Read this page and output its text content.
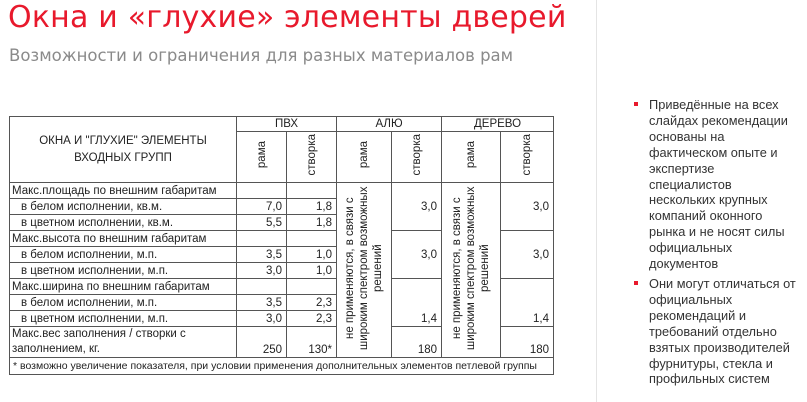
Окна и «глухие» элементы дверей
Возможности и ограничения для разных материалов рам
ОКНА И "ГЛУХИЕ" ЭЛЕМЕНТЫ ВХОДНЫХ ГРУПП	ПВХ		АЛЮ		ДЕРЕВО	
	рама	створка	рама	створка	рама	створка
Макс.площадь по внешним габаритам			не применяются, в связи с широким спектром возможных решений	3,0	не применяются, в связи с широким спектром возможных решений	3,0
в белом исполнении, кв.м.	7,0	1,8				
в цветном исполнении, кв.м.	5,5	1,8				
Макс.высота по внешним габаритам				3,0		3,0
в белом исполнении, м.п.	3,5	1,0				
в цветном исполнении, м.п.	3,0	1,0				
Макс.ширина по внешним габаритам				1,4		1,4
в белом исполнении, м.п.	3,5	2,3				
в цветном исполнении, м.п.	3,0	2,3				
Макс.вес заполнения / створки с заполнением, кг.	250	130*		180		180
* возможно увеличение показателя, при условии применения дополнительных элементов петлевой группы						
Приведённые на всех слайдах рекомендации основаны на фактическом опыте и экспертизе специалистов нескольких крупных компаний оконного рынка и не носят силы официальных документов
Они могут отличаться от официальных рекомендаций и требований отдельно взятых производителей фурнитуры, стекла и профильных систем
